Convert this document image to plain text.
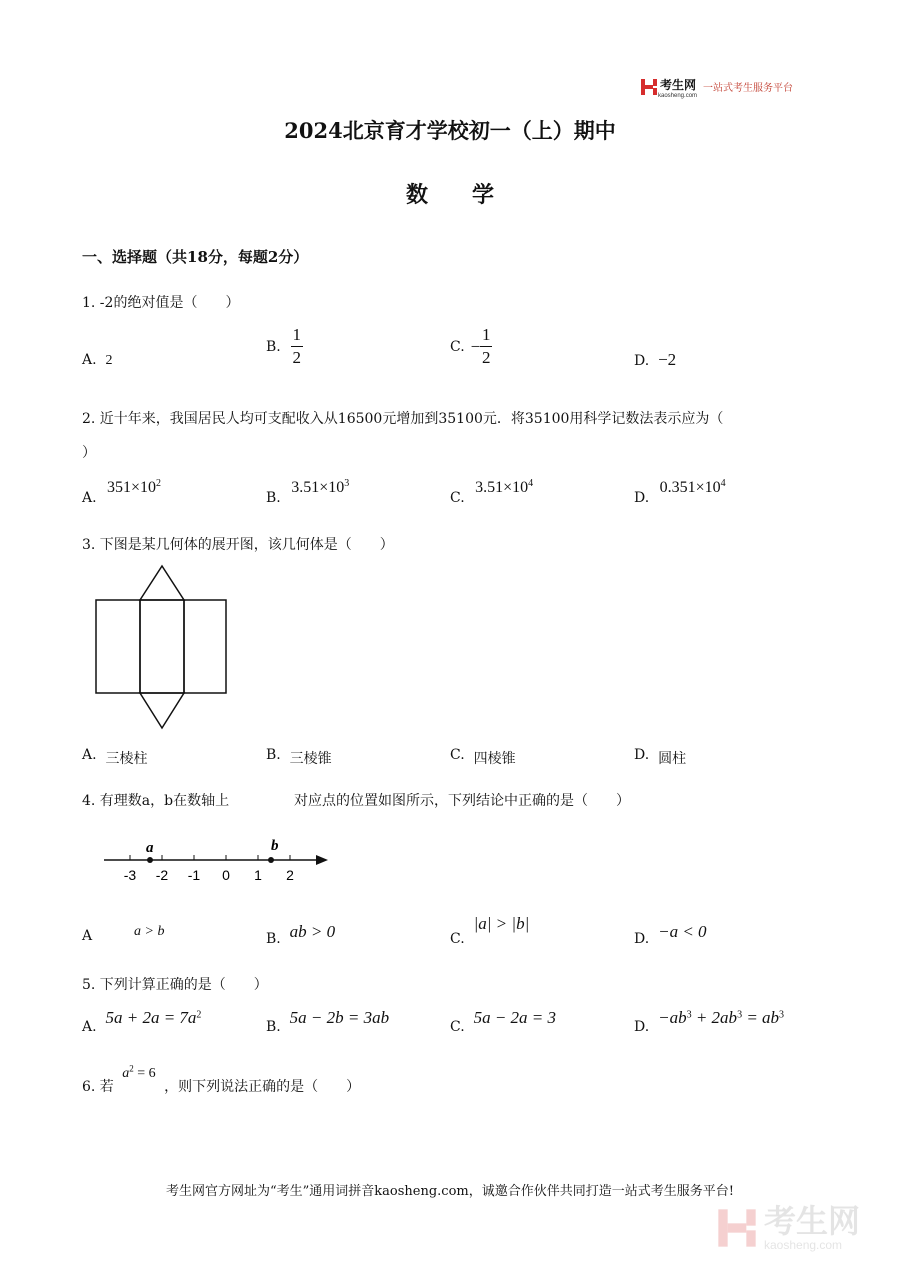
考生网
kaosheng.com
一站式考生服务平台
2024北京育才学校初一（上）期中
数　　学
一、选择题（共18分，每题2分）
1. -2的绝对值是（　　）
A. 2
B. $\frac{1}{2}$	C. − $\frac{1}{2}$	D. −2
2. 近十年来，我国居民人均可支配收入从16500元增加到35100元．将35100用科学记数法表示应为（
）
A. $351\times 10^2$
B. $3.51\times 10^3$
C. $3.51\times 10^4$
D. $0.351\times 10^4$
3. 下图是某几何体的展开图，该几何体是（　　）
A. 三棱柱	B. 三棱锥	C. 四棱锥	D. 圆柱
4. 有理数a，b在数轴上	对应点的位置如图所示，下列结论中正确的是（　　）
a	b
-3 -2 -1 0 1 2
A	a > b	B. ab > 0	C.  |a| > |b|
D. −a < 0
5. 下列计算正确的是（　　）
A. $5a + 2a = 7a^2$
B. 5a − 2b = 3ab	C. 5a − 2a = 3	D. $-ab^3 + 2ab^3 = ab^3$
6. 若 $a^2 = 6$ ，则下列说法正确的是（　　）
考生网官方网址为“考生”通用词拼音kaosheng.com，诚邀合作伙伴共同打造一站式考生服务平台!
考生网
kaosheng.com
